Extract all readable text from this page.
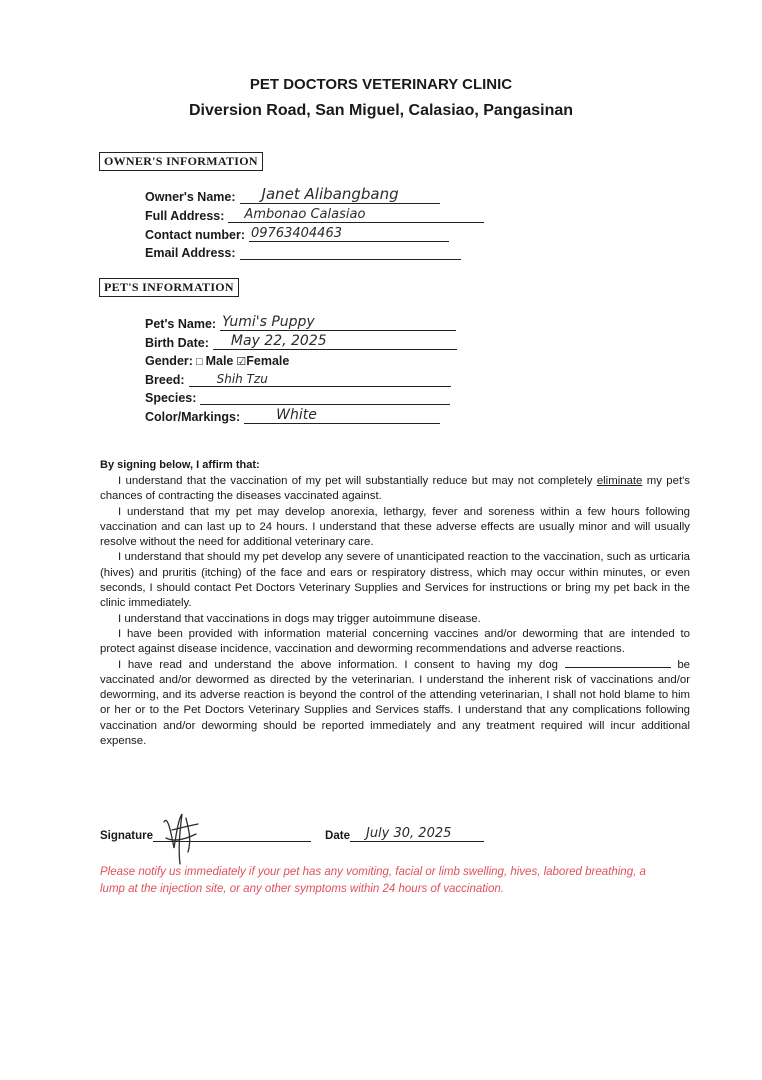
PET DOCTORS VETERINARY CLINIC
Diversion Road, San Miguel, Calasiao, Pangasinan
OWNER'S INFORMATION
Owner's Name: Janet Alibangbang
Full Address: Ambonao Calasiao
Contact number: 09763404463
Email Address:
PET'S INFORMATION
Pet's Name: Yumi's Puppy
Birth Date: May 22, 2025
Gender: □ Male ☑ Female
Breed:	Shih Tzu
Species:
Color/Markings:	White
By signing below, I affirm that:

I understand that the vaccination of my pet will substantially reduce but may not completely eliminate my pet's chances of contracting the diseases vaccinated against.

I understand that my pet may develop anorexia, lethargy, fever and soreness within a few hours following vaccination and can last up to 24 hours. I understand that these adverse effects are usually minor and will usually resolve without the need for additional veterinary care.

I understand that should my pet develop any severe of unanticipated reaction to the vaccination, such as urticaria (hives) and pruritis (itching) of the face and ears or respiratory distress, which may occur within minutes, or even seconds, I should contact Pet Doctors Veterinary Supplies and Services for instructions or bring my pet back in the clinic immediately.

I understand that vaccinations in dogs may trigger autoimmune disease.

I have been provided with information material concerning vaccines and/or deworming that are intended to protect against disease incidence, vaccination and deworming recommendations and adverse reactions.

I have read and understand the above information. I consent to having my dog	be vaccinated and/or dewormed as directed by the veterinarian. I understand the inherent risk of vaccinations and/or deworming, and its adverse reaction is beyond the control of the attending veterinarian, I shall not hold blame to him or her or to the Pet Doctors Veterinary Supplies and Services staffs. I understand that any complications following vaccination and/or deworming should be reported immediately and any treatment required will incur additional expense.

Signature	Date July 30, 2025
Please notify us immediately if your pet has any vomiting, facial or limb swelling, hives, labored breathing, a lump at the injection site, or any other symptoms within 24 hours of vaccination.
